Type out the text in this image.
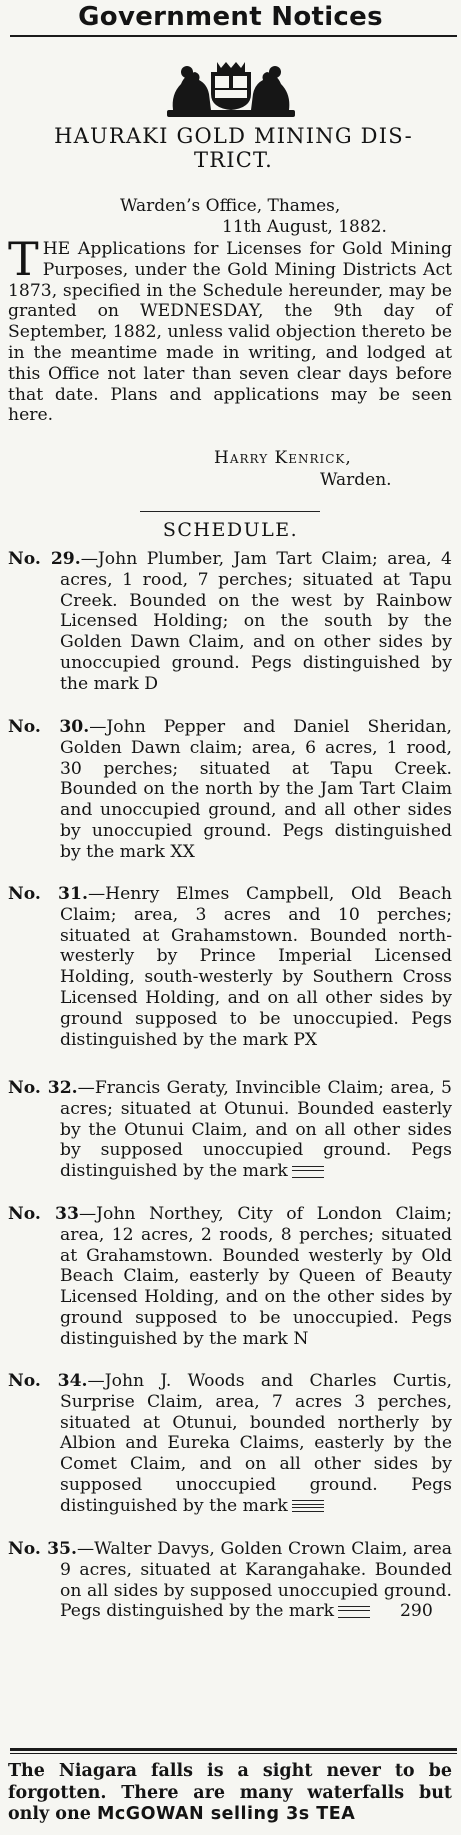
Government Notices
HAURAKI GOLD MINING DIS-
TRICT.
Warden’s Office, Thames,
11th August, 1882.
T HE Applications for Licenses for Gold Mining Purposes, under the Gold Mining Districts Act 1873, specified in the Schedule hereunder, may be granted on WEDNESDAY, the 9th day of September, 1882, unless valid objection thereto be in the meantime made in writing, and lodged at this Office not later than seven clear days before that date. Plans and applications may be seen here.
Harry Kenrick,
Warden.
SCHEDULE.
No. 29.—John Plumber, Jam Tart Claim; area, 4 acres, 1 rood, 7 perches; situated at Tapu Creek. Bounded on the west by Rainbow Licensed Holding; on the south by the Golden Dawn Claim, and on other sides by unoccupied ground. Pegs distinguished by the mark D
No. 30.—John Pepper and Daniel Sheridan, Golden Dawn claim; area, 6 acres, 1 rood, 30 perches; situated at Tapu Creek. Bounded on the north by the Jam Tart Claim and unoccupied ground, and all other sides by unoccupied ground. Pegs distinguished by the mark XX
No. 31.—Henry Elmes Campbell, Old Beach Claim; area, 3 acres and 10 perches; situated at Grahamstown. Bounded north-westerly by Prince Imperial Licensed Holding, south-westerly by Southern Cross Licensed Holding, and on all other sides by ground supposed to be unoccupied. Pegs distinguished by the mark PX
No. 32.—Francis Geraty, Invincible Claim; area, 5 acres; situated at Otunui. Bounded easterly by the Otunui Claim, and on all other sides by supposed unoccupied ground. Pegs distinguished by the mark
No. 33—John Northey, City of London Claim; area, 12 acres, 2 roods, 8 perches; situated at Grahamstown. Bounded westerly by Old Beach Claim, easterly by Queen of Beauty Licensed Holding, and on the other sides by ground supposed to be unoccupied. Pegs distinguished by the mark N
No. 34.—John J. Woods and Charles Curtis, Surprise Claim, area, 7 acres 3 perches, situated at Otunui, bounded northerly by Albion and Eureka Claims, easterly by the Comet Claim, and on all other sides by supposed unoccupied ground. Pegs distinguished by the mark
No. 35.—Walter Davys, Golden Crown Claim, area 9 acres, situated at Karangahake. Bounded on all sides by supposed unoccupied ground. Pegs distinguished by the mark	290
The Niagara falls is a sight never to be forgotten. There are many waterfalls but only one McGOWAN selling 3s TEA
